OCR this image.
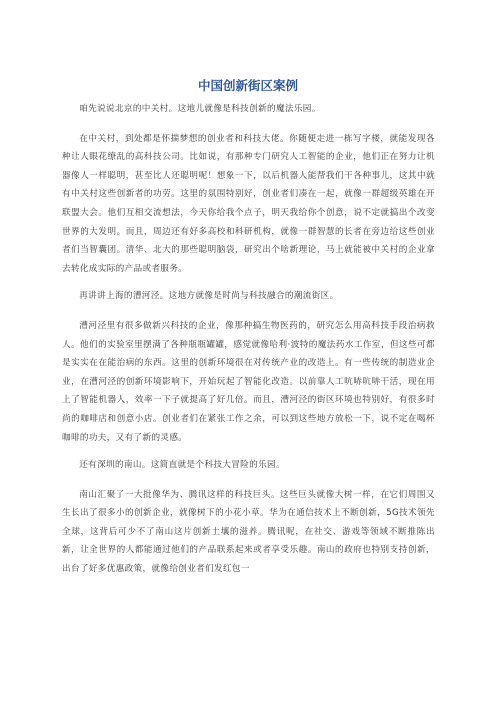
中国创新街区案例

咱先说说北京的中关村。这地儿就像是科技创新的魔法乐园。

在中关村，到处都是怀揣梦想的创业者和科技大佬。你随便走进一栋写字楼，就能发现各种让人眼花缭乱的高科技公司。比如说，有那种专门研究人工智能的企业，他们正在努力让机器像人一样聪明，甚至比人还聪明呢！想象一下，以后机器人能帮我们干各种事儿，这其中就有中关村这些创新者的功劳。这里的氛围特别好，创业者们凑在一起，就像一群超级英雄在开联盟大会。他们互相交流想法，今天你给我个点子，明天我给你个创意，说不定就搞出个改变世界的大发明。而且，周边还有好多高校和科研机构，就像一群智慧的长者在旁边给这些创业者们当智囊团。清华、北大的那些聪明脑袋，研究出个啥新理论，马上就能被中关村的企业拿去转化成实际的产品或者服务。

再讲讲上海的漕河泾。这地方就像是时尚与科技融合的潮流街区。

漕河泾里有很多做新兴科技的企业，像那种搞生物医药的，研究怎么用高科技手段治病救人。他们的实验室里摆满了各种瓶瓶罐罐，感觉就像哈利·波特的魔法药水工作室，但这些可都是实实在在能治病的东西。这里的创新环境很在对传统产业的改造上。有一些传统的制造业企业，在漕河泾的创新环境影响下，开始玩起了智能化改造。以前靠人工吭哧吭哧干活，现在用上了智能机器人，效率一下子就提高了好几倍。而且，漕河泾的街区环境也特别好，有很多时尚的咖啡店和创意小店。创业者们在紧张工作之余，可以到这些地方放松一下，说不定在喝杯咖啡的功夫，又有了新的灵感。

还有深圳的南山。这简直就是个科技大冒险的乐园。

南山汇聚了一大批像华为、腾讯这样的科技巨头。这些巨头就像大树一样，在它们周围又生长出了很多小的创新企业，就像树下的小花小草。华为在通信技术上不断创新，5G技术领先全球，这背后可少不了南山这片创新土壤的滋养。腾讯呢，在社交、游戏等领域不断推陈出新，让全世界的人都能通过他们的产品联系起来或者享受乐趣。南山的政府也特别支持创新，出台了好多优惠政策，就像给创业者们发红包一
